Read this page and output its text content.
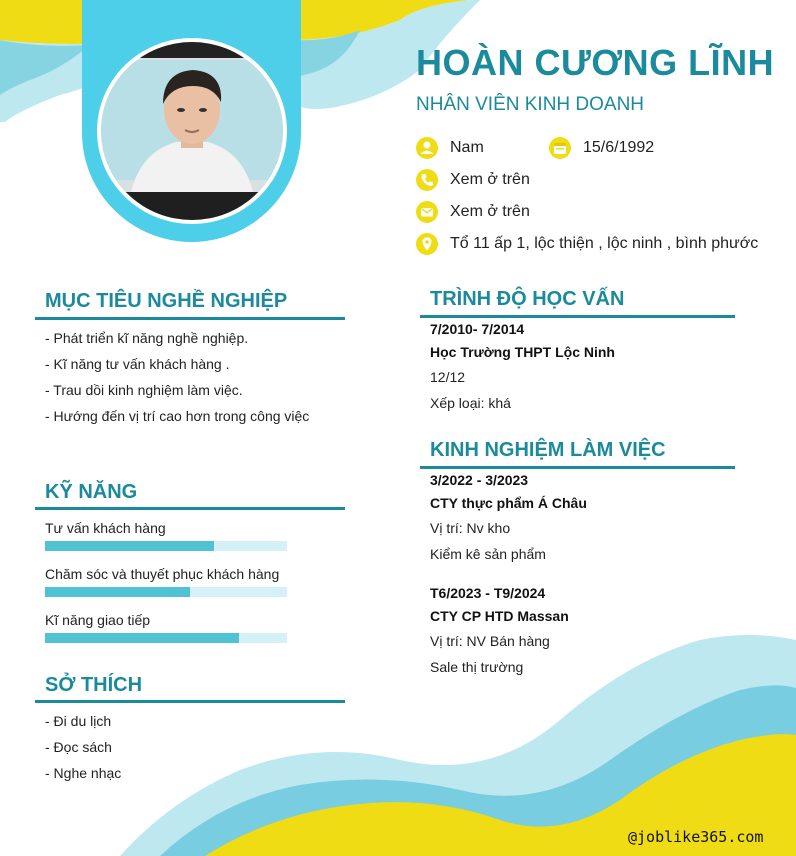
HOÀN CƯƠNG LĨNH
NHÂN VIÊN KINH DOANH
Nam	15/6/1992
Xem ở trên
Xem ở trên
Tổ 11 ấp 1, lộc thiện , lộc ninh , bình phước
MỤC TIÊU NGHỀ NGHIỆP
- Phát triển kĩ năng nghề nghiệp.
- Kĩ năng tư vấn khách hàng .
- Trau dồi kinh nghiệm làm việc.
- Hướng đến vị trí cao hơn trong công việc
KỸ NĂNG
Tư vấn khách hàng
Chăm sóc và thuyết phục khách hàng
Kĩ năng giao tiếp
SỞ THÍCH
- Đi du lịch
- Đọc sách
- Nghe nhạc
TRÌNH ĐỘ HỌC VẤN
7/2010- 7/2014
Học Trường THPT Lộc Ninh
12/12
Xếp loại: khá
KINH NGHIỆM LÀM VIỆC
3/2022 - 3/2023
CTY thực phẩm Á Châu
Vị trí: Nv kho
Kiểm kê sản phẩm
T6/2023 - T9/2024
CTY CP HTD Massan
Vị trí: NV Bán hàng
Sale thị trường
@joblike365.com
